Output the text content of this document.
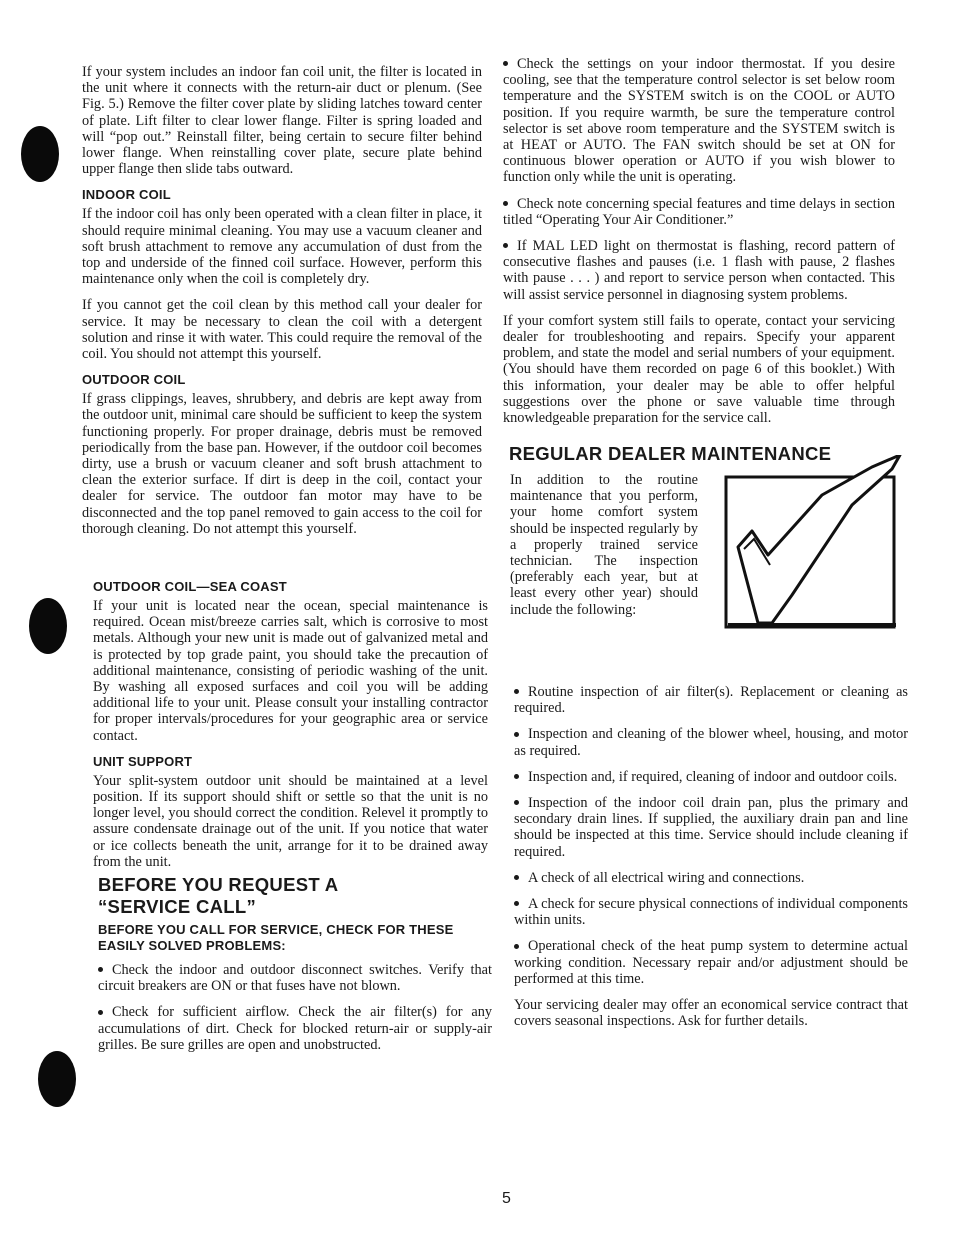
If your system includes an indoor fan coil unit, the filter is located in the unit where it connects with the return-air duct or plenum. (See Fig. 5.) Remove the filter cover plate by sliding latches toward center of plate. Lift filter to clear lower flange. Filter is spring loaded and will “pop out.” Reinstall filter, being certain to secure filter behind lower flange. When reinstalling cover plate, secure plate behind upper flange then slide tabs outward.

INDOOR COIL

If the indoor coil has only been operated with a clean filter in place, it should require minimal cleaning. You may use a vacuum cleaner and soft brush attachment to remove any accumulation of dust from the top and underside of the finned coil surface. However, perform this maintenance only when the coil is completely dry.

If you cannot get the coil clean by this method call your dealer for service. It may be necessary to clean the coil with a detergent solution and rinse it with water. This could require the removal of the coil. You should not attempt this yourself.

OUTDOOR COIL

If grass clippings, leaves, shrubbery, and debris are kept away from the outdoor unit, minimal care should be sufficient to keep the system functioning properly. For proper drainage, debris must be removed periodically from the base pan. However, if the outdoor coil becomes dirty, use a brush or vacuum cleaner and soft brush attachment to clean the exterior surface. If dirt is deep in the coil, contact your dealer for service. The outdoor fan motor may have to be disconnected and the top panel removed to gain access to the coil for thorough cleaning. Do not attempt this yourself.

OUTDOOR COIL—SEA COAST

If your unit is located near the ocean, special maintenance is required. Ocean mist/breeze carries salt, which is corrosive to most metals. Although your new unit is made out of galvanized metal and is protected by top grade paint, you should take the precaution of additional maintenance, consisting of periodic washing of the unit. By washing all exposed surfaces and coil you will be adding additional life to your unit. Please consult your installing contractor for proper intervals/procedures for your geographic area or service contact.

UNIT SUPPORT

Your split-system outdoor unit should be maintained at a level position. If its support should shift or settle so that the unit is no longer level, you should correct the condition. Relevel it promptly to assure condensate drainage out of the unit. If you notice that water or ice collects beneath the unit, arrange for it to be drained away from the unit.

BEFORE YOU REQUEST A
“SERVICE CALL”
BEFORE YOU CALL FOR SERVICE, CHECK FOR THESE EASILY SOLVED PROBLEMS:

Check the indoor and outdoor disconnect switches. Verify that circuit breakers are ON or that fuses have not blown.

Check for sufficient airflow. Check the air filter(s) for any accumulations of dirt. Check for blocked return-air or supply-air grilles. Be sure grilles are open and unobstructed.

Check the settings on your indoor thermostat. If you desire cooling, see that the temperature control selector is set below room temperature and the SYSTEM switch is on the COOL or AUTO position. If you require warmth, be sure the temperature control selector is set above room temperature and the SYSTEM switch is at HEAT or AUTO. The FAN switch should be set at ON for continuous blower operation or AUTO if you wish blower to function only while the unit is operating.

Check note concerning special features and time delays in section titled “Operating Your Air Conditioner.”

If MAL LED light on thermostat is flashing, record pattern of consecutive flashes and pauses (i.e. 1 flash with pause, 2 flashes with pause . . . ) and report to service person when contacted. This will assist service personnel in diagnosing system problems.

If your comfort system still fails to operate, contact your servicing dealer for troubleshooting and repairs. Specify your apparent problem, and state the model and serial numbers of your equipment. (You should have them recorded on page 6 of this booklet.) With this information, your dealer may be able to offer helpful suggestions over the phone or save valuable time through knowledgeable preparation for the service call.

REGULAR DEALER MAINTENANCE

In addition to the routine maintenance that you perform, your home comfort system should be inspected regularly by a properly trained service technician. The inspection (preferably each year, but at least every other year) should include the following:

Routine inspection of air filter(s). Replacement or cleaning as required.

Inspection and cleaning of the blower wheel, housing, and motor as required.

Inspection and, if required, cleaning of indoor and outdoor coils.

Inspection of the indoor coil drain pan, plus the primary and secondary drain lines. If supplied, the auxiliary drain pan and line should be inspected at this time. Service should include cleaning if required.

A check of all electrical wiring and connections.

A check for secure physical connections of individual components within units.

Operational check of the heat pump system to determine actual working condition. Necessary repair and/or adjustment should be performed at this time.

Your servicing dealer may offer an economical service contract that covers seasonal inspections. Ask for further details.

5
